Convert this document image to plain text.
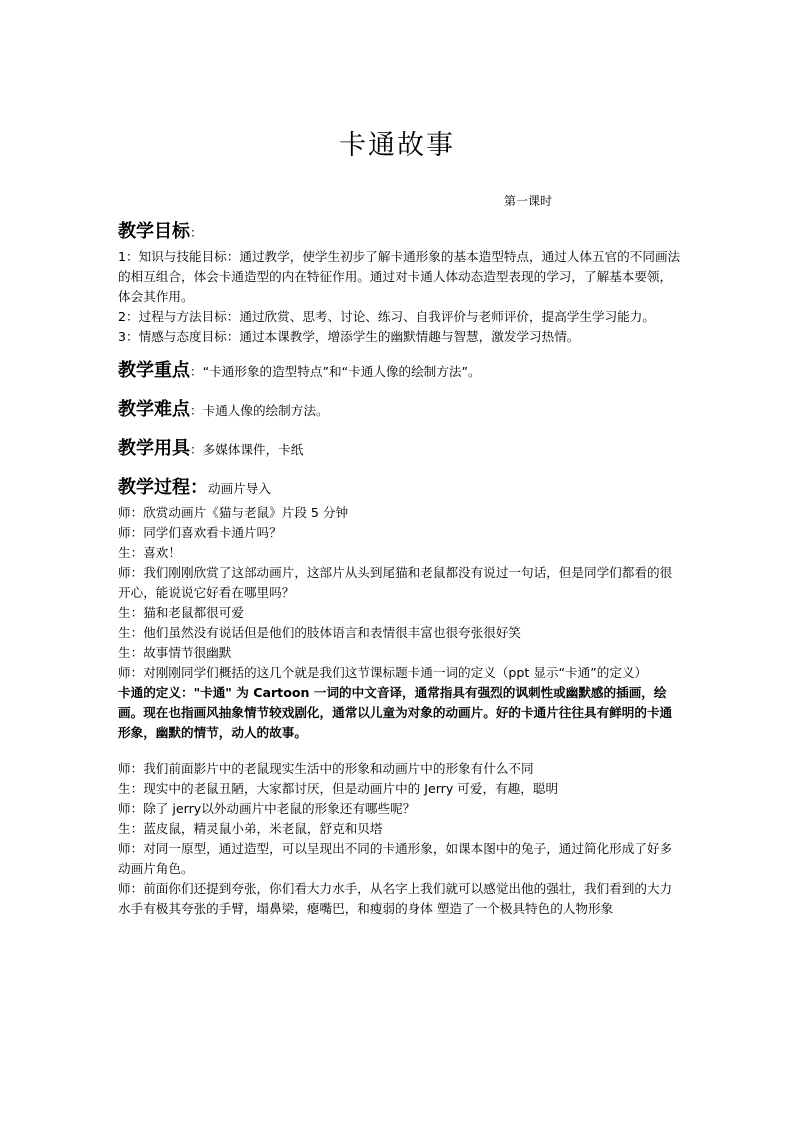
卡通故事
第一课时

教学目标：

1：知识与技能目标：通过教学，使学生初步了解卡通形象的基本造型特点，通过人体五官的不同画法的相互组合，体会卡通造型的内在特征作用。通过对卡通人体动态造型表现的学习，了解基本要领，体会其作用。

2：过程与方法目标：通过欣赏、思考、讨论、练习、自我评价与老师评价，提高学生学习能力。

3：情感与态度目标：通过本课教学，增添学生的幽默情趣与智慧，激发学习热情。

教学重点：“卡通形象的造型特点”和“卡通人像的绘制方法”。

教学难点：卡通人像的绘制方法。

教学用具：多媒体课件，卡纸

教学过程：动画片导入

师：欣赏动画片《猫与老鼠》片段 5 分钟

师：同学们喜欢看卡通片吗？

生：喜欢！

师：我们刚刚欣赏了这部动画片，这部片从头到尾猫和老鼠都没有说过一句话，但是同学们都看的很开心，能说说它好看在哪里吗？

生：猫和老鼠都很可爱

生：他们虽然没有说话但是他们的肢体语言和表情很丰富也很夸张很好笑

生：故事情节很幽默

师：对刚刚同学们概括的这几个就是我们这节课标题卡通一词的定义（ppt 显示“卡通”的定义）

卡通的定义："卡通" 为 Cartoon 一词的中文音译，通常指具有强烈的讽刺性或幽默感的插画，绘画。现在也指画风抽象情节较戏剧化，通常以儿童为对象的动画片。好的卡通片往往具有鲜明的卡通形象，幽默的情节，动人的故事。

师：我们前面影片中的老鼠现实生活中的形象和动画片中的形象有什么不同

生：现实中的老鼠丑陋，大家都讨厌，但是动画片中的 Jerry 可爱，有趣，聪明

师：除了 jerry以外动画片中老鼠的形象还有哪些呢？

生：蓝皮鼠，精灵鼠小弟，米老鼠，舒克和贝塔

师：对同一原型，通过造型，可以呈现出不同的卡通形象，如课本图中的兔子，通过简化形成了好多动画片角色。

师：前面你们还提到夸张，你们看大力水手，从名字上我们就可以感觉出他的强壮，我们看到的大力水手有极其夸张的手臂，塌鼻梁，瘪嘴巴，和瘦弱的身体 塑造了一个极具特色的人物形象
